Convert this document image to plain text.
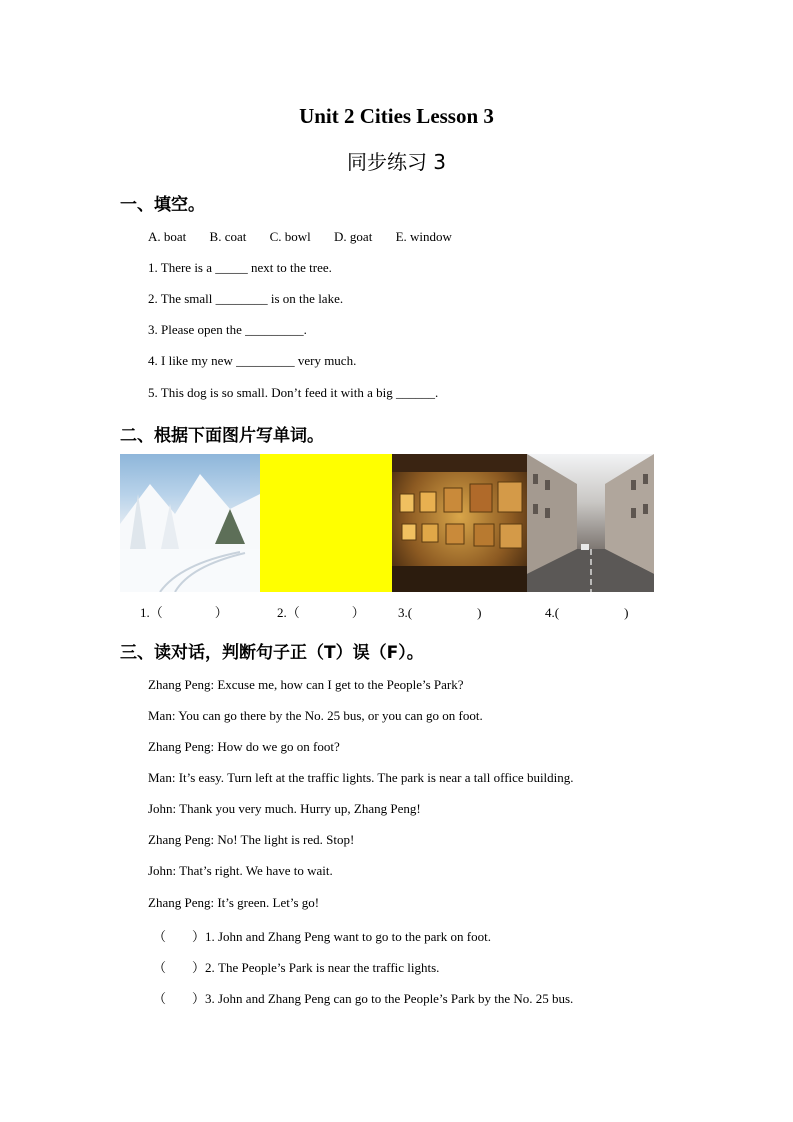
Unit 2 Cities Lesson 3
同步练习 3
一、填空。
A. boat B. coat C. bowl D. goat E. window
1. There is a _____ next to the tree.
2. The small ________ is on the lake.
3. Please open the _________.
4. I like my new _________ very much.
5. This dog is so small. Don’t feed it with a big ______.
二、根据下面图片写单词。
1.（　　　　）	2.（　　　　）	3.(　　　　　)	4.(　　　　　)
三、读对话，判断句子正（T）误（F）。
Zhang Peng: Excuse me, how can I get to the People’s Park?
Man: You can go there by the No. 25 bus, or you can go on foot.
Zhang Peng: How do we go on foot?
Man: It’s easy. Turn left at the traffic lights. The park is near a tall office building.
John: Thank you very much. Hurry up, Zhang Peng!
Zhang Peng: No! The light is red. Stop!
John: That’s right. We have to wait.
Zhang Peng: It’s green. Let’s go!
（　　）1. John and Zhang Peng want to go to the park on foot.
（　　）2. The People’s Park is near the traffic lights.
（　　）3. John and Zhang Peng can go to the People’s Park by the No. 25 bus.
